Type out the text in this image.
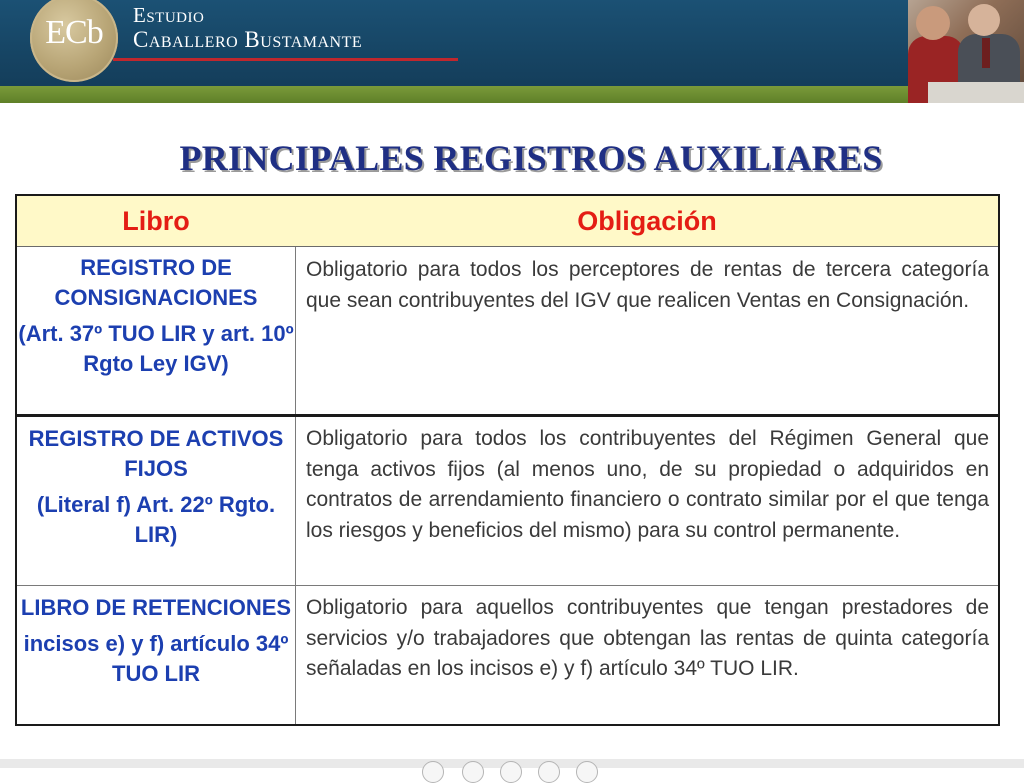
ECb	Estudio
Caballero Bustamante
PRINCIPALES REGISTROS AUXILIARES
Libro	Obligación
REGISTRO DE CONSIGNACIONES
(Art. 37º TUO LIR y art. 10º Rgto Ley IGV)
Obligatorio para todos los perceptores de rentas de tercera categoría que sean contribuyentes del IGV que realicen Ventas en Consignación.
REGISTRO DE ACTIVOS FIJOS
(Literal f) Art. 22º Rgto. LIR)
Obligatorio para todos los contribuyentes del Régimen General que tenga activos fijos (al menos uno, de su propiedad o adquiridos en contratos de arrendamiento financiero o contrato similar por el que tenga los riesgos y beneficios del mismo) para su control permanente.
LIBRO DE RETENCIONES
incisos e) y f) artículo 34º TUO LIR
Obligatorio para aquellos contribuyentes que tengan prestadores de servicios y/o trabajadores que obtengan las rentas de quinta categoría señaladas en los incisos e) y f) artículo 34º TUO LIR.
